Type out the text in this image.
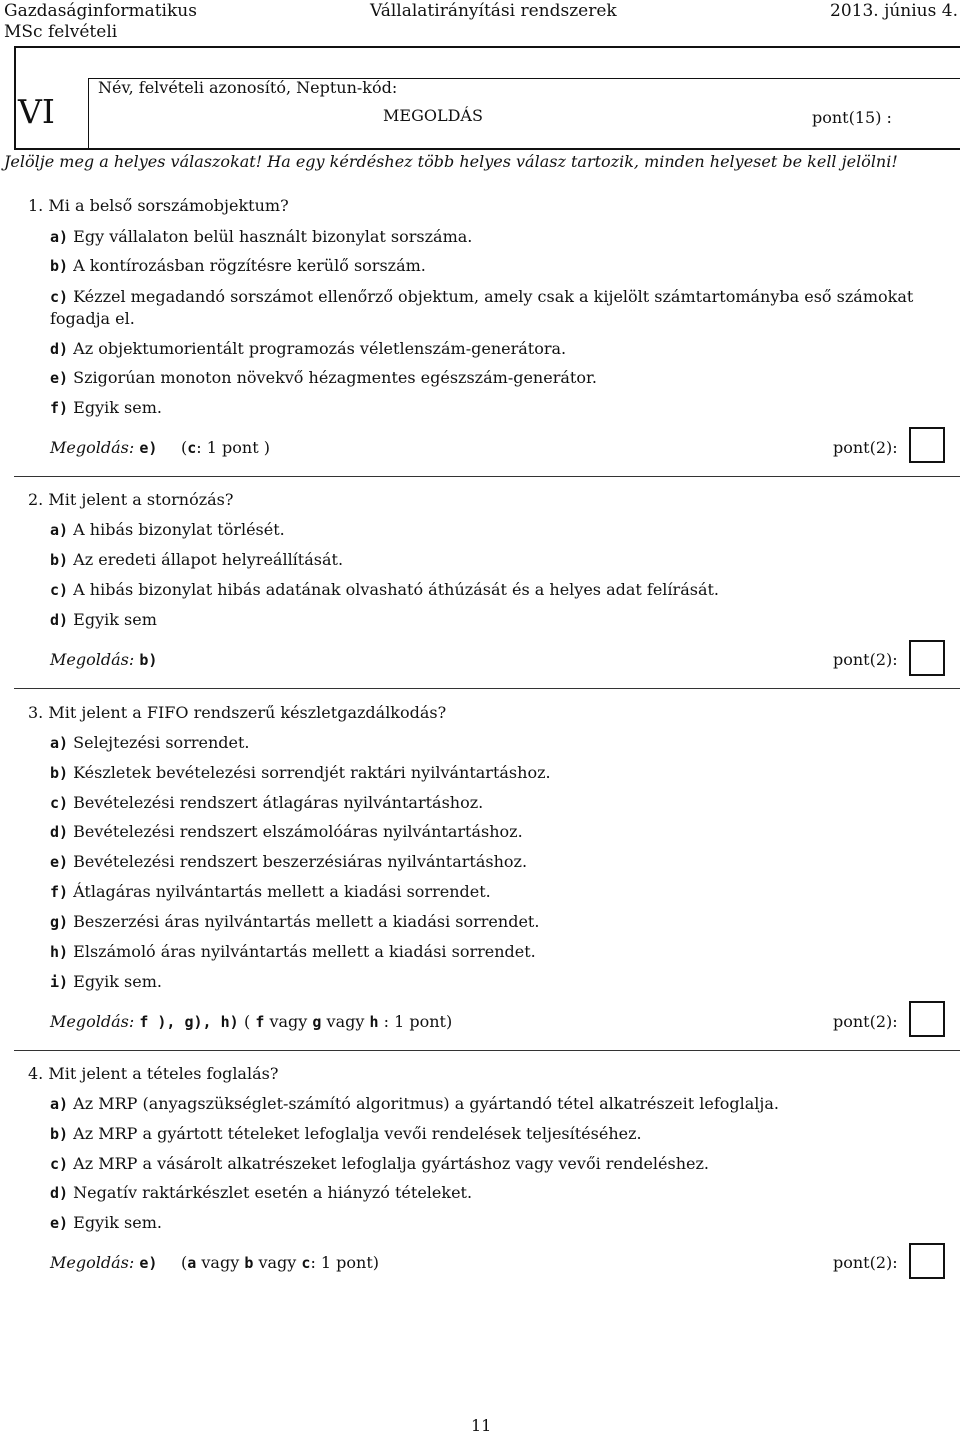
Gazdaságinformatikus
MSc felvételi
Vállalatirányítási rendszerek	2013. június 4.
VI
Név, felvételi azonosító, Neptun-kód:
MEGOLDÁS	pont(15) :
Jelölje meg a helyes válaszokat! Ha egy kérdéshez több helyes válasz tartozik, minden helyeset be kell jelölni!
1. Mi a belső sorszámobjektum?
a) Egy vállalaton belül használt bizonylat sorszáma.
b) A kontírozásban rögzítésre kerülő sorszám.
c) Kézzel megadandó sorszámot ellenőrző objektum, amely csak a kijelölt számtartományba eső számokat
fogadja el.
d) Az objektumorientált programozás véletlenszám-generátora.
e) Szigorúan monoton növekvő hézagmentes egészszám-generátor.
f) Egyik sem.
Megoldás: e) (c: 1 pont )	pont(2):
2. Mit jelent a stornózás?
a) A hibás bizonylat törlését.
b) Az eredeti állapot helyreállítását.
c) A hibás bizonylat hibás adatának olvasható áthúzását és a helyes adat felírását.
d) Egyik sem
Megoldás: b)	pont(2):
3. Mit jelent a FIFO rendszerű készletgazdálkodás?
a) Selejtezési sorrendet.
b) Készletek bevételezési sorrendjét raktári nyilvántartáshoz.
c) Bevételezési rendszert átlagáras nyilvántartáshoz.
d) Bevételezési rendszert elszámolóáras nyilvántartáshoz.
e) Bevételezési rendszert beszerzésiáras nyilvántartáshoz.
f) Átlagáras nyilvántartás mellett a kiadási sorrendet.
g) Beszerzési áras nyilvántartás mellett a kiadási sorrendet.
h) Elszámoló áras nyilvántartás mellett a kiadási sorrendet.
i) Egyik sem.
Megoldás: f ), g), h) ( f vagy g vagy h : 1 pont)	pont(2):
4. Mit jelent a tételes foglalás?
a) Az MRP (anyagszükséglet-számító algoritmus) a gyártandó tétel alkatrészeit lefoglalja.
b) Az MRP a gyártott tételeket lefoglalja vevői rendelések teljesítéséhez.
c) Az MRP a vásárolt alkatrészeket lefoglalja gyártáshoz vagy vevői rendeléshez.
d) Negatív raktárkészlet esetén a hiányzó tételeket.
e) Egyik sem.
Megoldás: e) (a vagy b vagy c: 1 pont)	pont(2):
11
